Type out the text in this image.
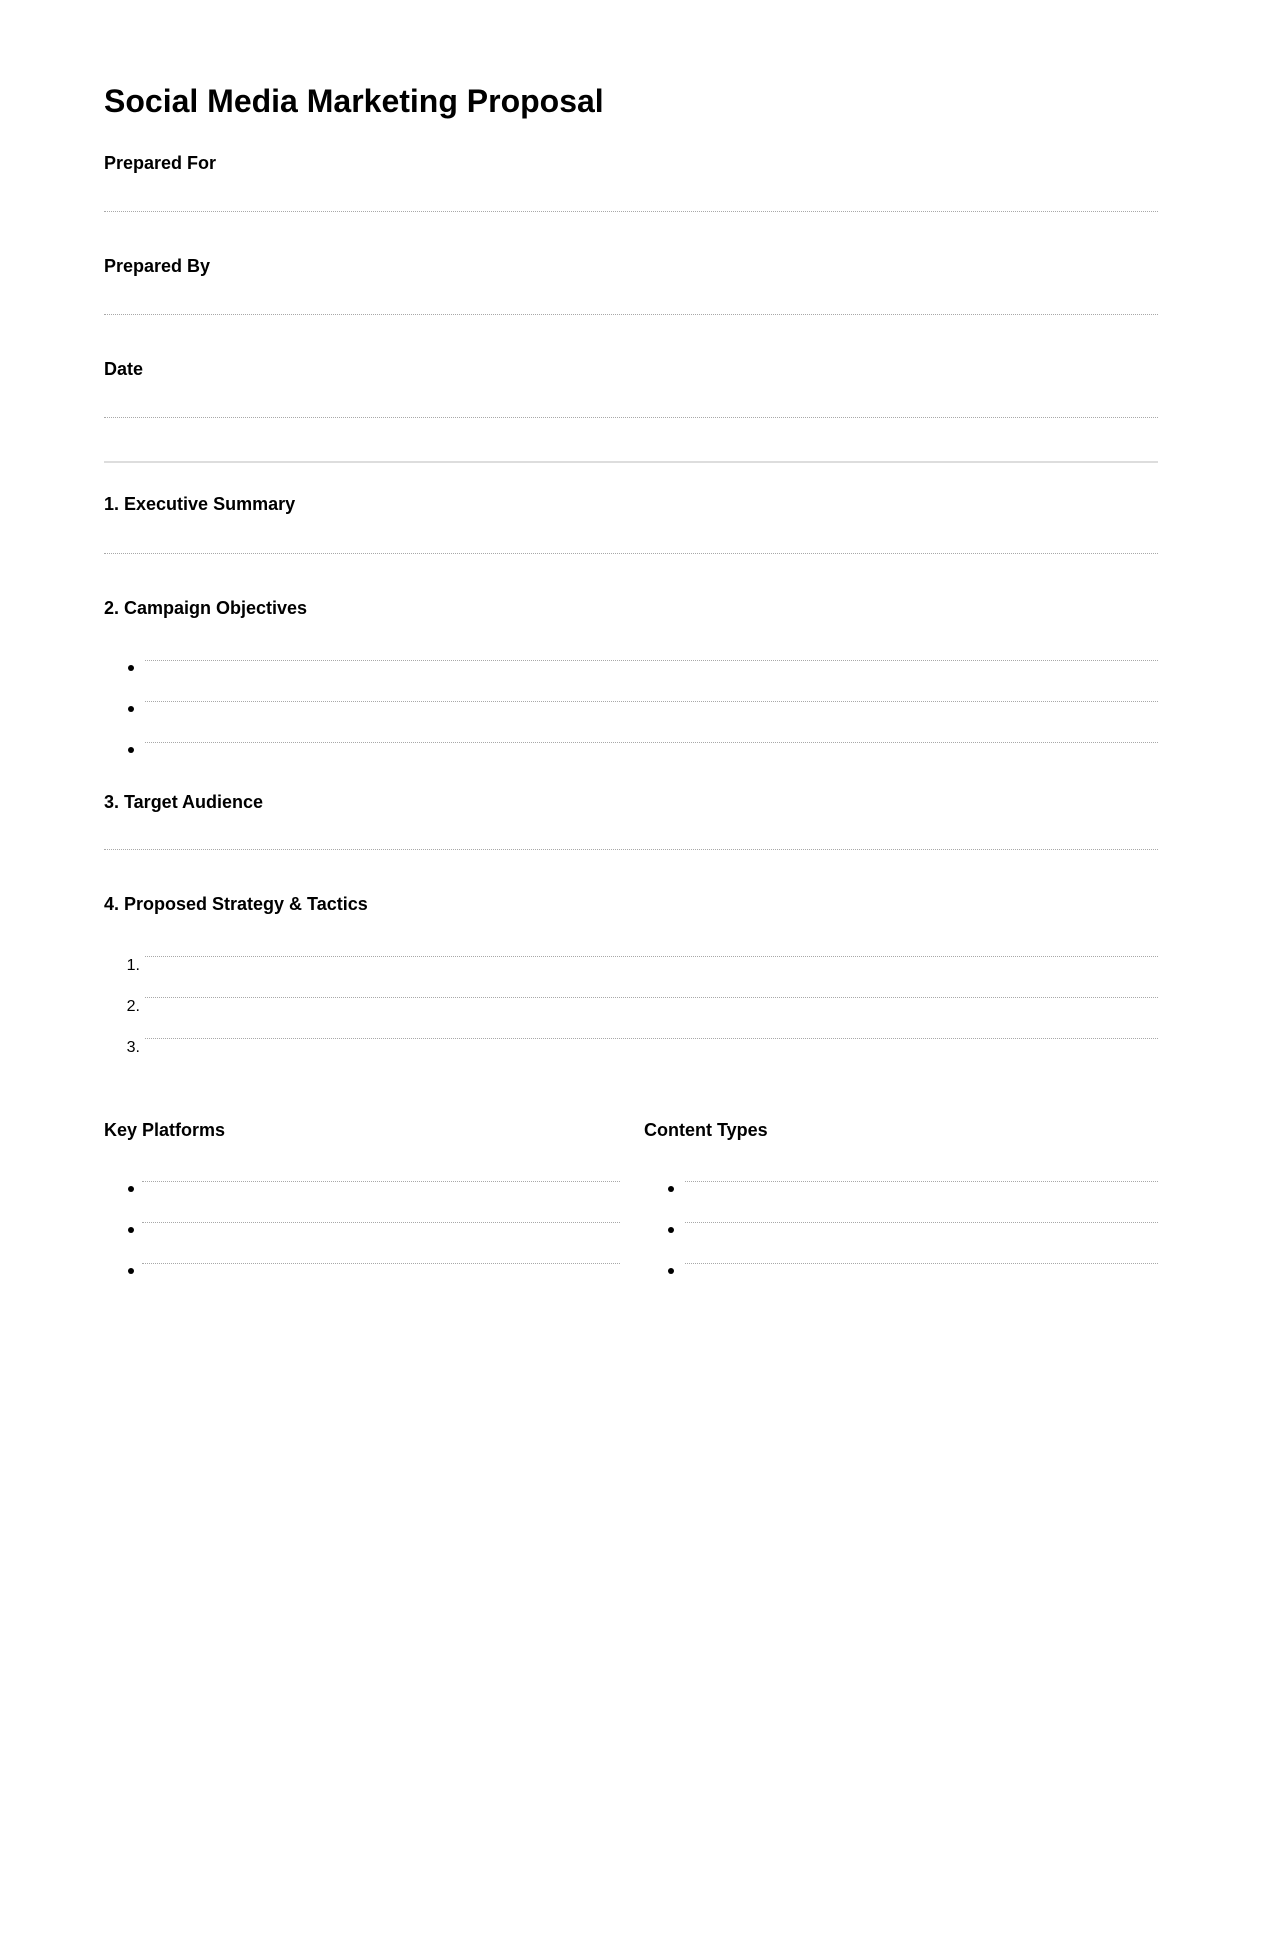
Social Media Marketing Proposal
Prepared For
Prepared By
Date
1. Executive Summary
2. Campaign Objectives
3. Target Audience
4. Proposed Strategy & Tactics
1.
2.
3.
Key Platforms	Content Types
